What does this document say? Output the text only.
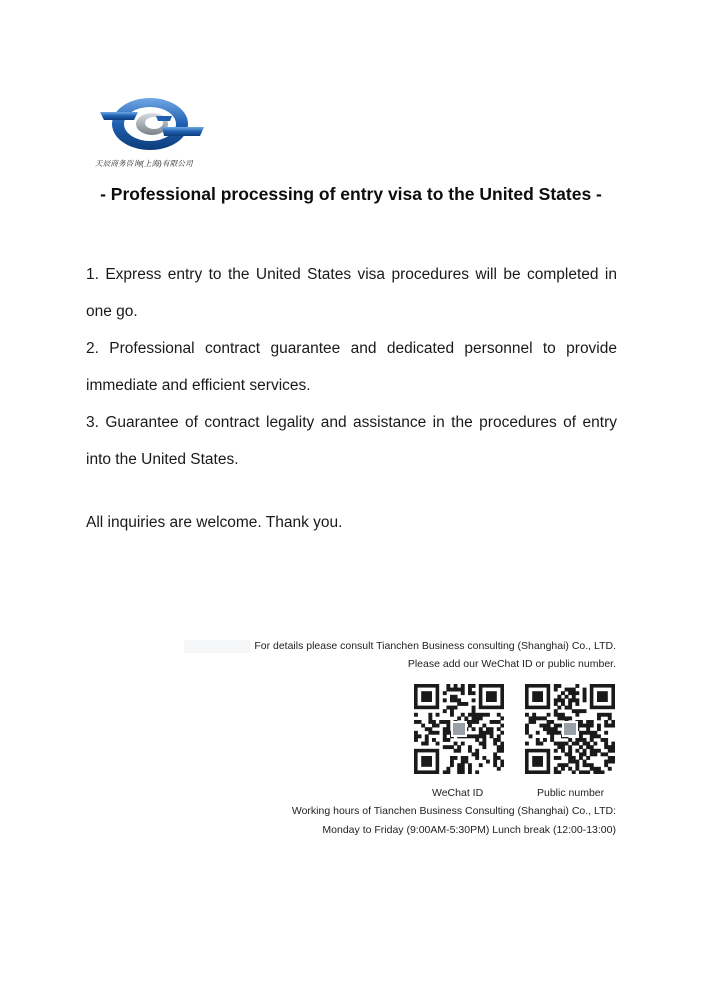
天辰商务咨询(上海)有限公司
- Professional processing of entry visa to the United States -
1. Express entry to the United States visa procedures will be completed in one go.
2. Professional contract guarantee and dedicated personnel to provide immediate and efficient services.
3. Guarantee of contract legality and assistance in the procedures of entry into the United States.
All inquiries are welcome. Thank you.
For details please consult Tianchen Business consulting (Shanghai) Co., LTD.
Please add our WeChat ID or public number.
WeChat ID	Public number
Working hours of Tianchen Business Consulting (Shanghai) Co., LTD:
Monday to Friday (9:00AM-5:30PM) Lunch break (12:00-13:00)
